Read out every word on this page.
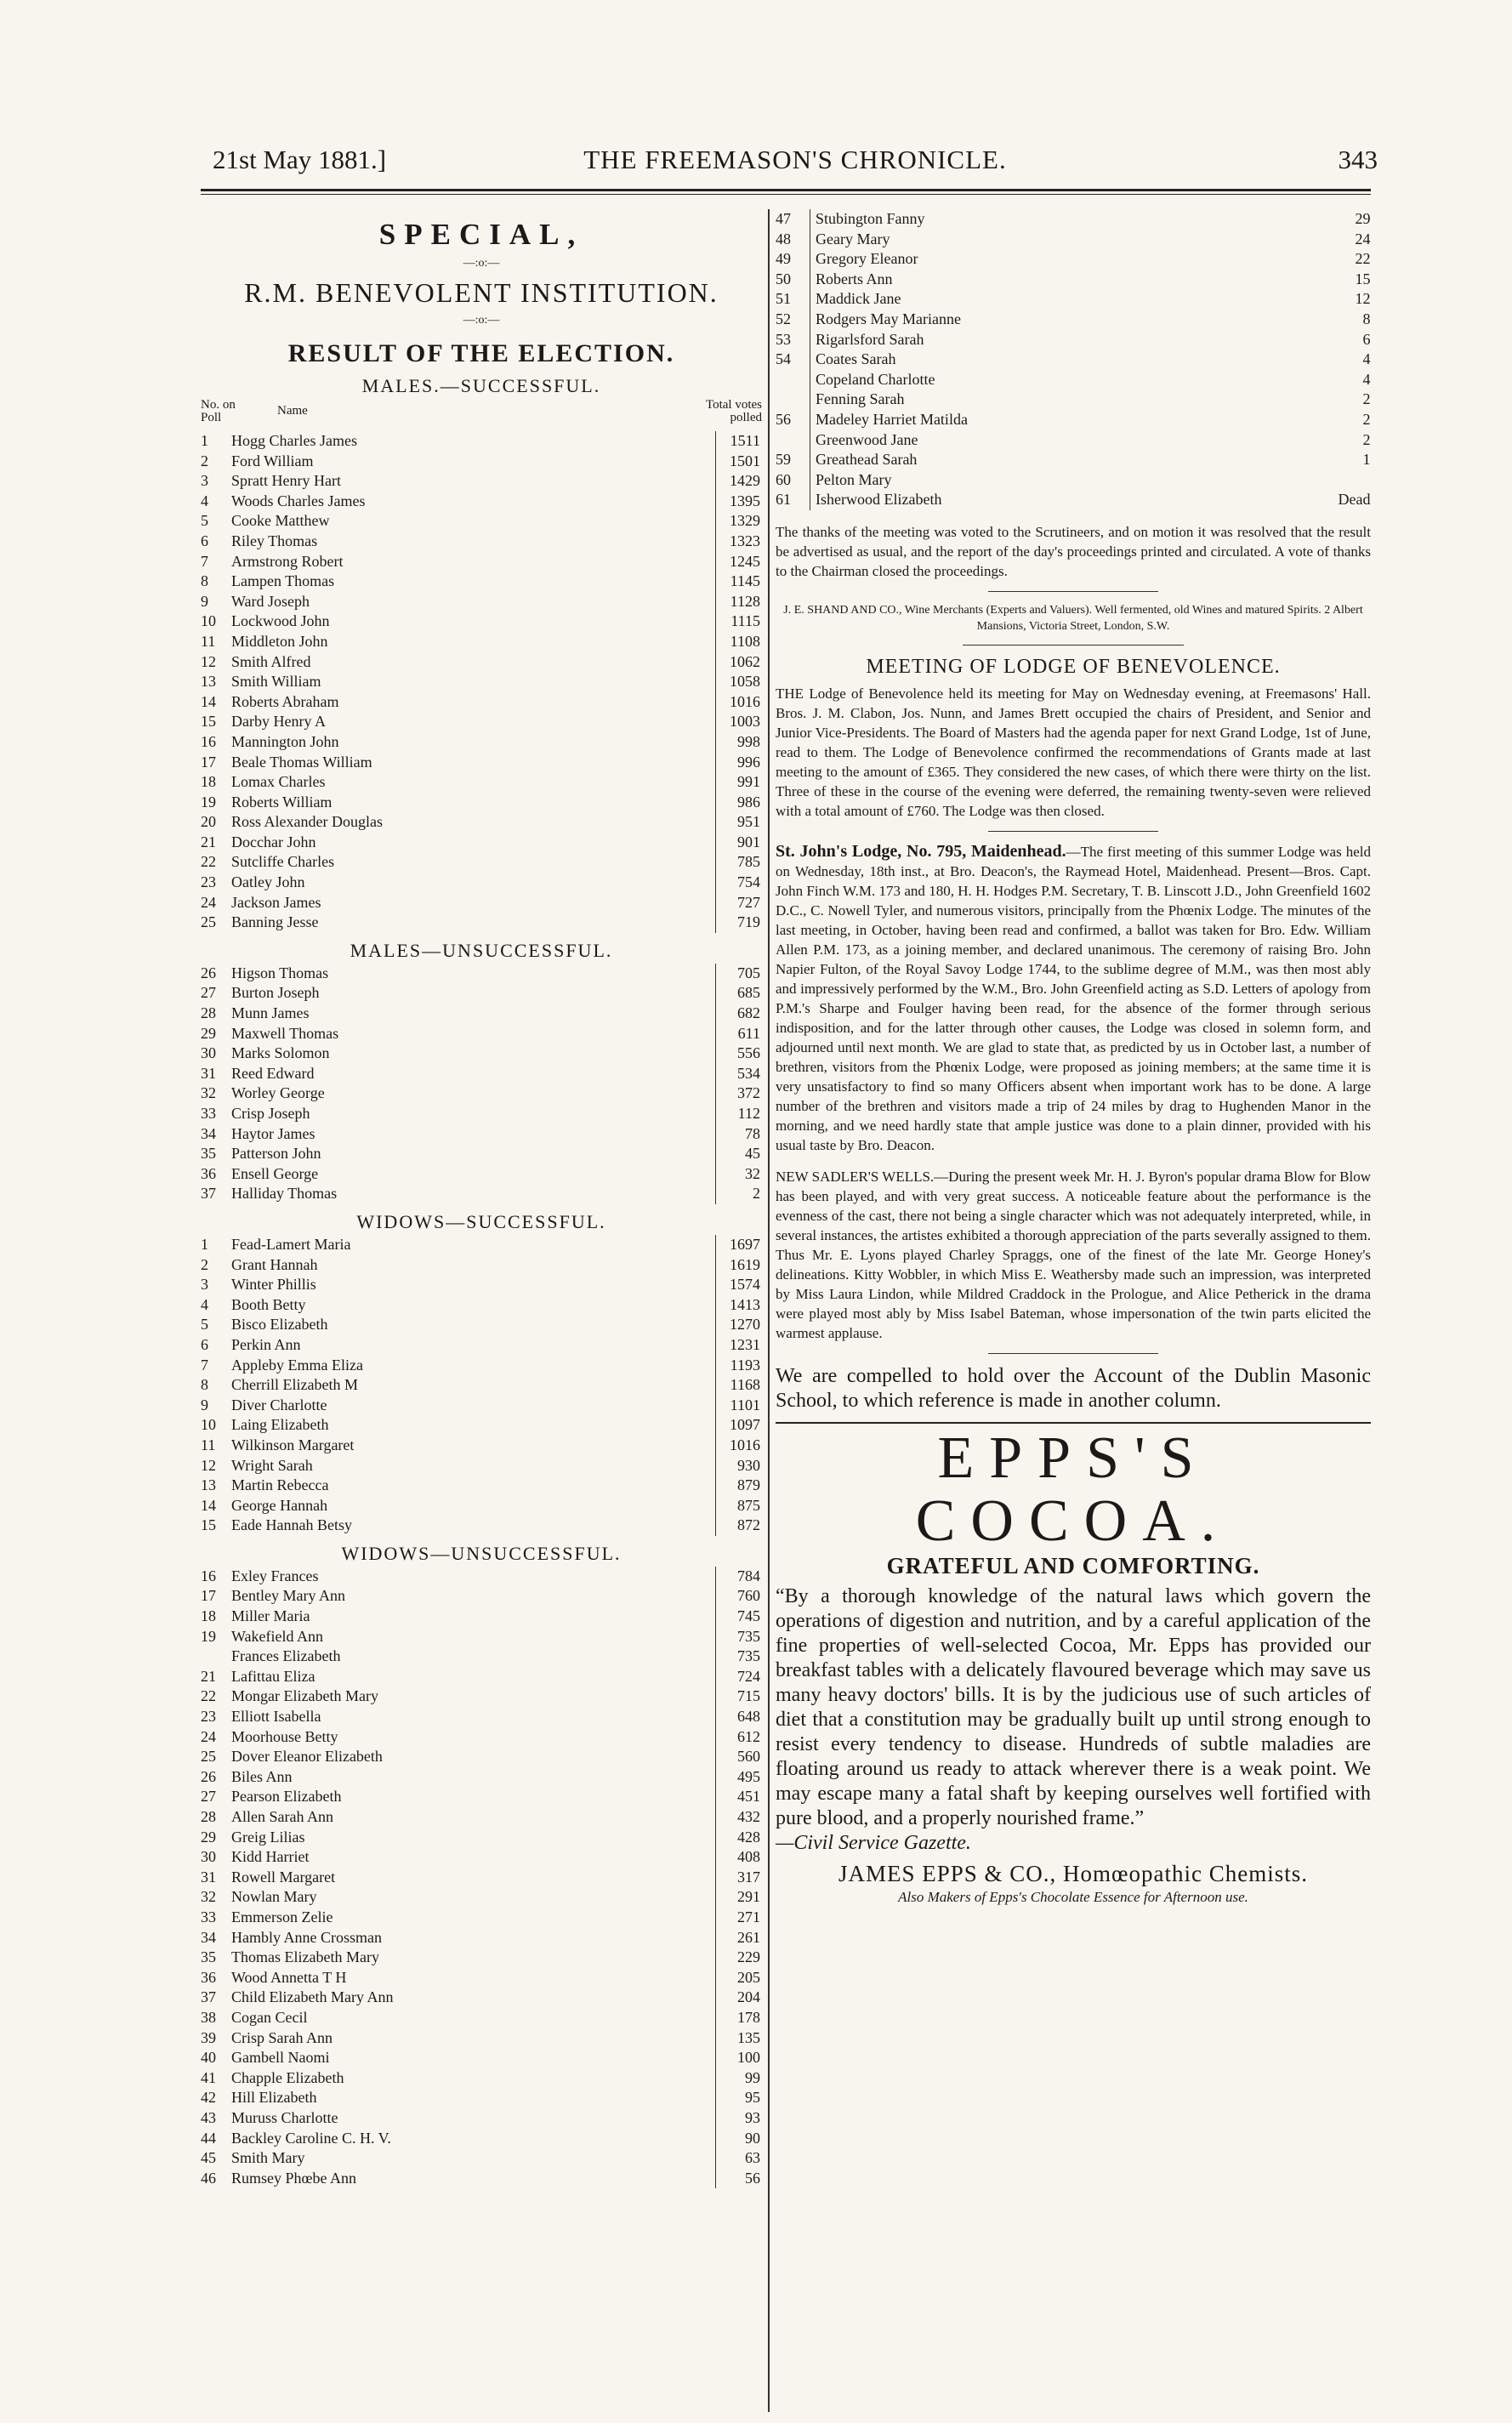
21st May 1881.]	THE FREEMASON'S CHRONICLE.	343
SPECIAL,
—:o:—
R.M. BENEVOLENT INSTITUTION.
—:o:—
RESULT OF THE ELECTION.
MALES.—SUCCESSFUL.
No. on Poll	Name	Total votes polled
1	Hogg Charles James	1511
2	Ford William	1501
3	Spratt Henry Hart	1429
4	Woods Charles James	1395
5	Cooke Matthew	1329
6	Riley Thomas	1323
7	Armstrong Robert	1245
8	Lampen Thomas	1145
9	Ward Joseph	1128
10	Lockwood John	1115
11	Middleton John	1108
12	Smith Alfred	1062
13	Smith William	1058
14	Roberts Abraham	1016
15	Darby Henry A	1003
16	Mannington John	998
17	Beale Thomas William	996
18	Lomax Charles	991
19	Roberts William	986
20	Ross Alexander Douglas	951
21	Docchar John	901
22	Sutcliffe Charles	785
23	Oatley John	754
24	Jackson James	727
25	Banning Jesse	719
MALES—UNSUCCESSFUL.
26	Higson Thomas	705
27	Burton Joseph	685
28	Munn James	682
29	Maxwell Thomas	611
30	Marks Solomon	556
31	Reed Edward	534
32	Worley George	372
33	Crisp Joseph	112
34	Haytor James	78
35	Patterson John	45
36	Ensell George	32
37	Halliday Thomas	2
WIDOWS—SUCCESSFUL.
1	Fead-Lamert Maria	1697
2	Grant Hannah	1619
3	Winter Phillis	1574
4	Booth Betty	1413
5	Bisco Elizabeth	1270
6	Perkin Ann	1231
7	Appleby Emma Eliza	1193
8	Cherrill Elizabeth M	1168
9	Diver Charlotte	1101
10	Laing Elizabeth	1097
11	Wilkinson Margaret	1016
12	Wright Sarah	930
13	Martin Rebecca	879
14	George Hannah	875
15	Eade Hannah Betsy	872
WIDOWS—UNSUCCESSFUL.
16	Exley Frances	784
17	Bentley Mary Ann	760
18	Miller Maria	745
19	Wakefield Ann	735
	Frances Elizabeth	735
21	Lafittau Eliza	724
22	Mongar Elizabeth Mary	715
23	Elliott Isabella	648
24	Moorhouse Betty	612
25	Dover Eleanor Elizabeth	560
26	Biles Ann	495
27	Pearson Elizabeth	451
28	Allen Sarah Ann	432
29	Greig Lilias	428
30	Kidd Harriet	408
31	Rowell Margaret	317
32	Nowlan Mary	291
33	Emmerson Zelie	271
34	Hambly Anne Crossman	261
35	Thomas Elizabeth Mary	229
36	Wood Annetta T H	205
37	Child Elizabeth Mary Ann	204
38	Cogan Cecil	178
39	Crisp Sarah Ann	135
40	Gambell Naomi	100
41	Chapple Elizabeth	99
42	Hill Elizabeth	95
43	Muruss Charlotte	93
44	Backley Caroline C. H. V.	90
45	Smith Mary	63
46	Rumsey Phœbe Ann	56
47	Stubington Fanny	29
48	Geary Mary	24
49	Gregory Eleanor	22
50	Roberts Ann	15
51	Maddick Jane	12
52	Rodgers May Marianne	8
53	Rigarlsford Sarah	6
54	Coates Sarah	4
	Copeland Charlotte	4
	Fenning Sarah	2
56	Madeley Harriet Matilda	2
	Greenwood Jane	2
59	Greathead Sarah	1
60	Pelton Mary	
61	Isherwood Elizabeth	Dead

The thanks of the meeting was voted to the Scrutineers, and on motion it was resolved that the result be advertised as usual, and the report of the day's proceedings printed and circulated. A vote of thanks to the Chairman closed the proceedings.

J. E. SHAND AND CO., Wine Merchants (Experts and Valuers). Well fermented, old Wines and matured Spirits. 2 Albert Mansions, Victoria Street, London, S.W.

MEETING OF LODGE OF BENEVOLENCE.

THE Lodge of Benevolence held its meeting for May on Wednesday evening, at Freemasons' Hall. Bros. J. M. Clabon, Jos. Nunn, and James Brett occupied the chairs of President, and Senior and Junior Vice-Presidents. The Board of Masters had the agenda paper for next Grand Lodge, 1st of June, read to them. The Lodge of Benevolence confirmed the recommendations of Grants made at last meeting to the amount of £365. They considered the new cases, of which there were thirty on the list. Three of these in the course of the evening were deferred, the remaining twenty-seven were relieved with a total amount of £760. The Lodge was then closed.

St. John's Lodge, No. 795, Maidenhead.—The first meeting of this summer Lodge was held on Wednesday, 18th inst., at Bro. Deacon's, the Raymead Hotel, Maidenhead. Present—Bros. Capt. John Finch W.M. 173 and 180, H. H. Hodges P.M. Secretary, T. B. Linscott J.D., John Greenfield 1602 D.C., C. Nowell Tyler, and numerous visitors, principally from the Phœnix Lodge. The minutes of the last meeting, in October, having been read and confirmed, a ballot was taken for Bro. Edw. William Allen P.M. 173, as a joining member, and declared unanimous. The ceremony of raising Bro. John Napier Fulton, of the Royal Savoy Lodge 1744, to the sublime degree of M.M., was then most ably and impressively performed by the W.M., Bro. John Greenfield acting as S.D. Letters of apology from P.M.'s Sharpe and Foulger having been read, for the absence of the former through serious indisposition, and for the latter through other causes, the Lodge was closed in solemn form, and adjourned until next month. We are glad to state that, as predicted by us in October last, a number of brethren, visitors from the Phœnix Lodge, were proposed as joining members; at the same time it is very unsatisfactory to find so many Officers absent when important work has to be done. A large number of the brethren and visitors made a trip of 24 miles by drag to Hughenden Manor in the morning, and we need hardly state that ample justice was done to a plain dinner, provided with his usual taste by Bro. Deacon.

NEW SADLER'S WELLS.—During the present week Mr. H. J. Byron's popular drama Blow for Blow has been played, and with very great success. A noticeable feature about the performance is the evenness of the cast, there not being a single character which was not adequately interpreted, while, in several instances, the artistes exhibited a thorough appreciation of the parts severally assigned to them. Thus Mr. E. Lyons played Charley Spraggs, one of the finest of the late Mr. George Honey's delineations. Kitty Wobbler, in which Miss E. Weathersby made such an impression, was interpreted by Miss Laura Lindon, while Mildred Craddock in the Prologue, and Alice Petherick in the drama were played most ably by Miss Isabel Bateman, whose impersonation of the twin parts elicited the warmest applause.

We are compelled to hold over the Account of the Dublin Masonic School, to which reference is made in another column.

EPPS'S COCOA.
GRATEFUL AND COMFORTING.

“By a thorough knowledge of the natural laws which govern the operations of digestion and nutrition, and by a careful application of the fine properties of well-selected Cocoa, Mr. Epps has provided our breakfast tables with a delicately flavoured beverage which may save us many heavy doctors' bills. It is by the judicious use of such articles of diet that a constitution may be gradually built up until strong enough to resist every tendency to disease. Hundreds of subtle maladies are floating around us ready to attack wherever there is a weak point. We may escape many a fatal shaft by keeping ourselves well fortified with pure blood, and a properly nourished frame.”

—Civil Service Gazette.

JAMES EPPS & CO., Homœopathic Chemists.
Also Makers of Epps's Chocolate Essence for Afternoon use.
